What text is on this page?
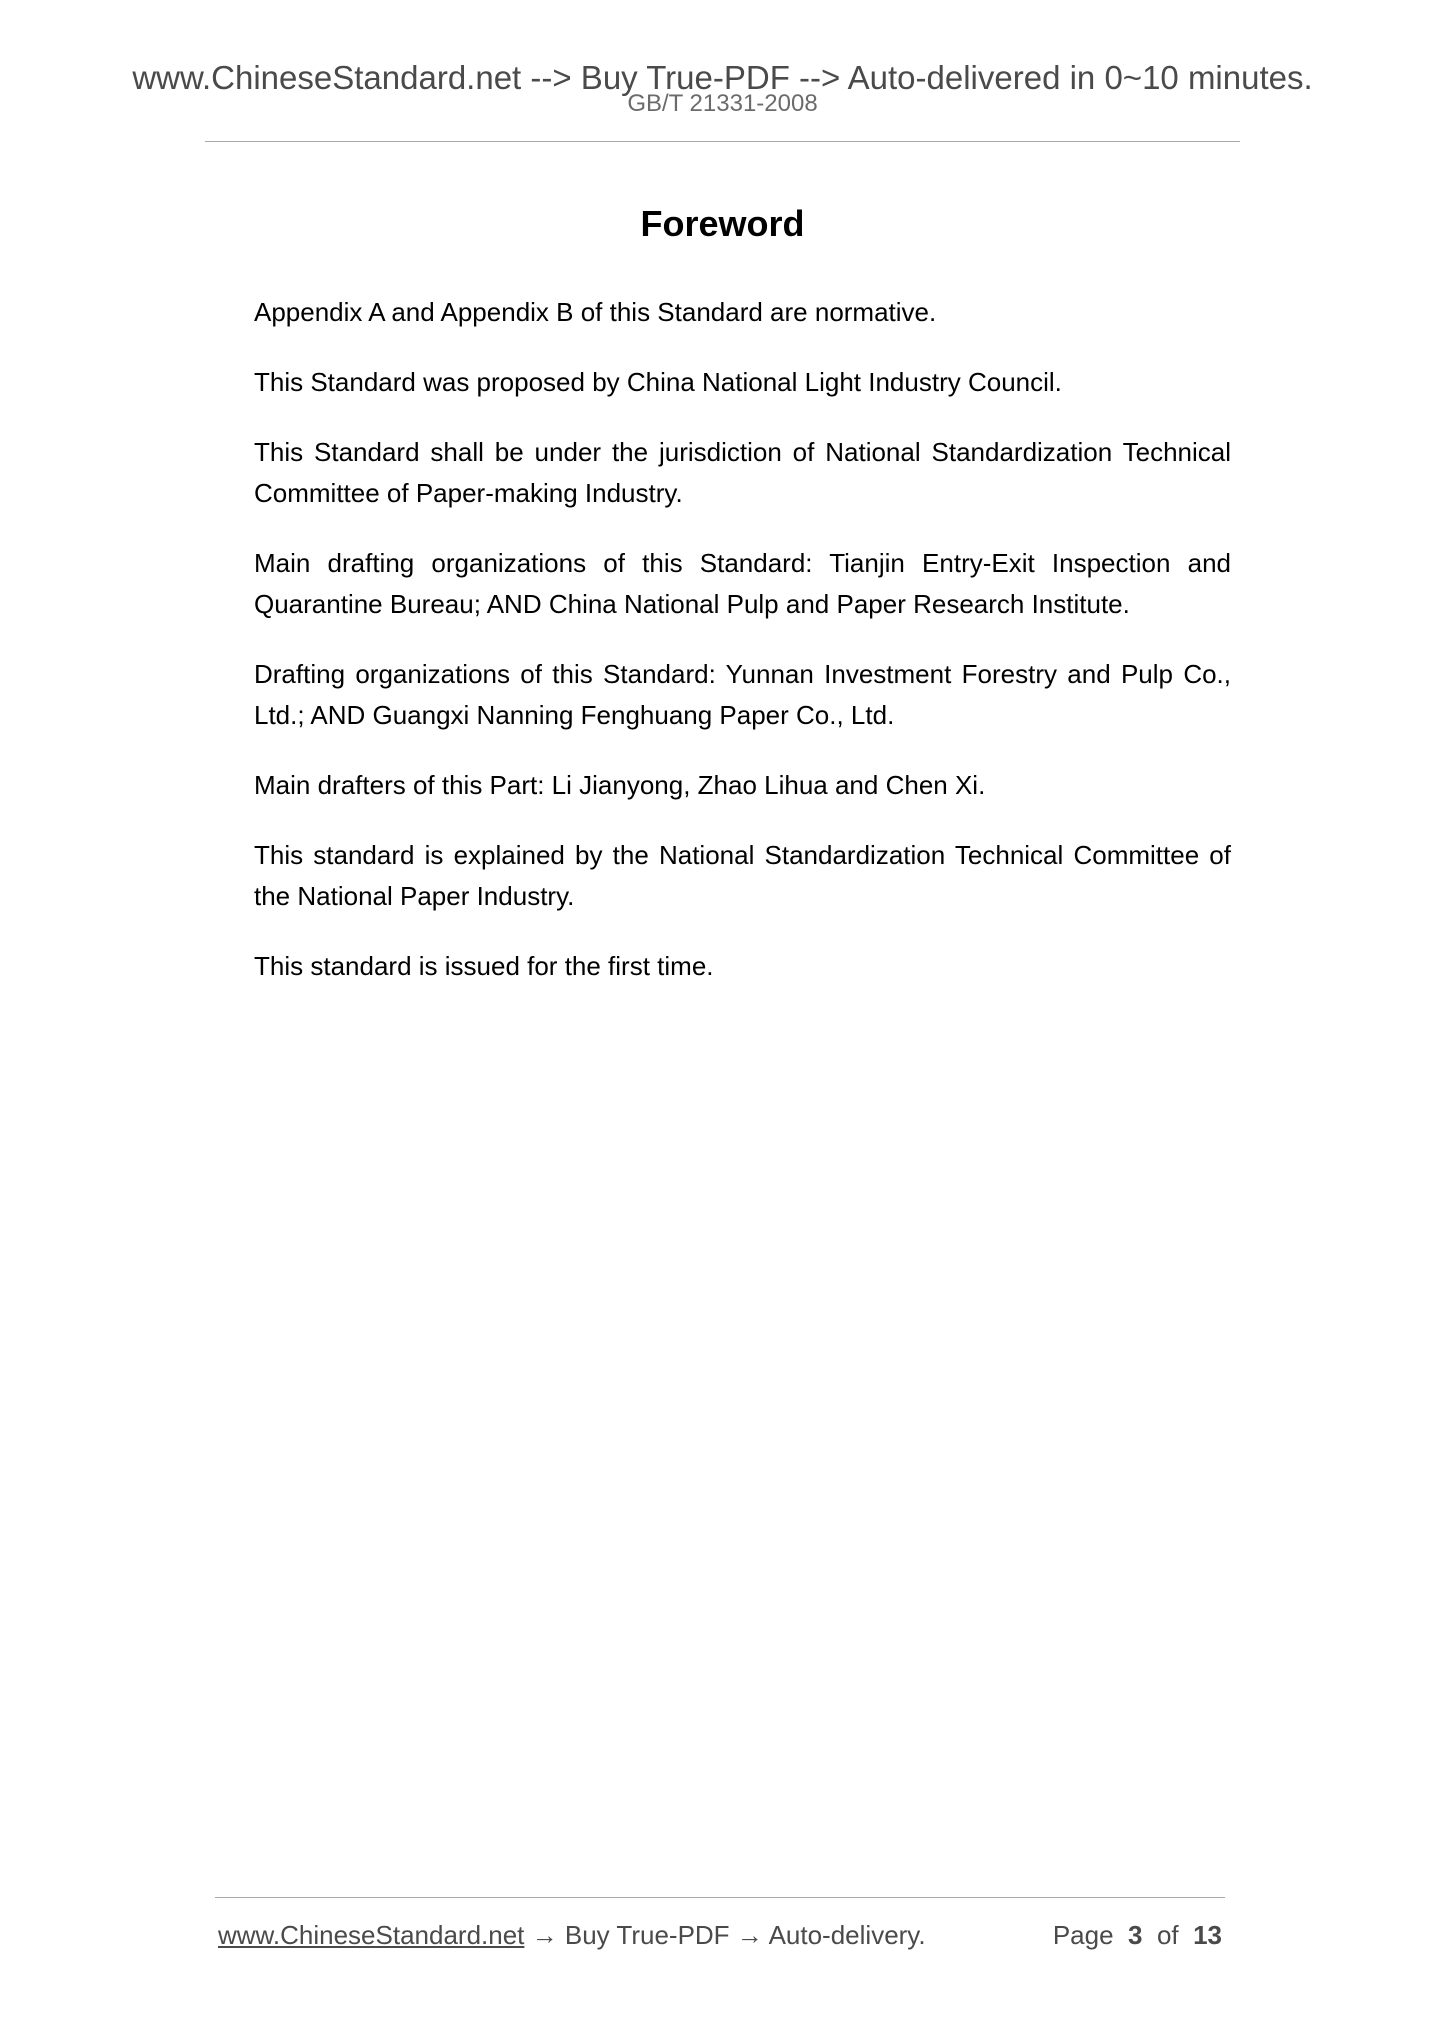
www.ChineseStandard.net --> Buy True-PDF --> Auto-delivered in 0~10 minutes.
GB/T 21331-2008
Foreword

Appendix A and Appendix B of this Standard are normative.

This Standard was proposed by China National Light Industry Council.

This Standard shall be under the jurisdiction of National Standardization Technical Committee of Paper-making Industry.

Main drafting organizations of this Standard: Tianjin Entry-Exit Inspection and Quarantine Bureau; AND China National Pulp and Paper Research Institute.

Drafting organizations of this Standard: Yunnan Investment Forestry and Pulp Co., Ltd.; AND Guangxi Nanning Fenghuang Paper Co., Ltd.

Main drafters of this Part: Li Jianyong, Zhao Lihua and Chen Xi.

This standard is explained by the National Standardization Technical Committee of the National Paper Industry.

This standard is issued for the first time.

www.ChineseStandard.net → Buy True-PDF → Auto-delivery.	Page 3 of 13
